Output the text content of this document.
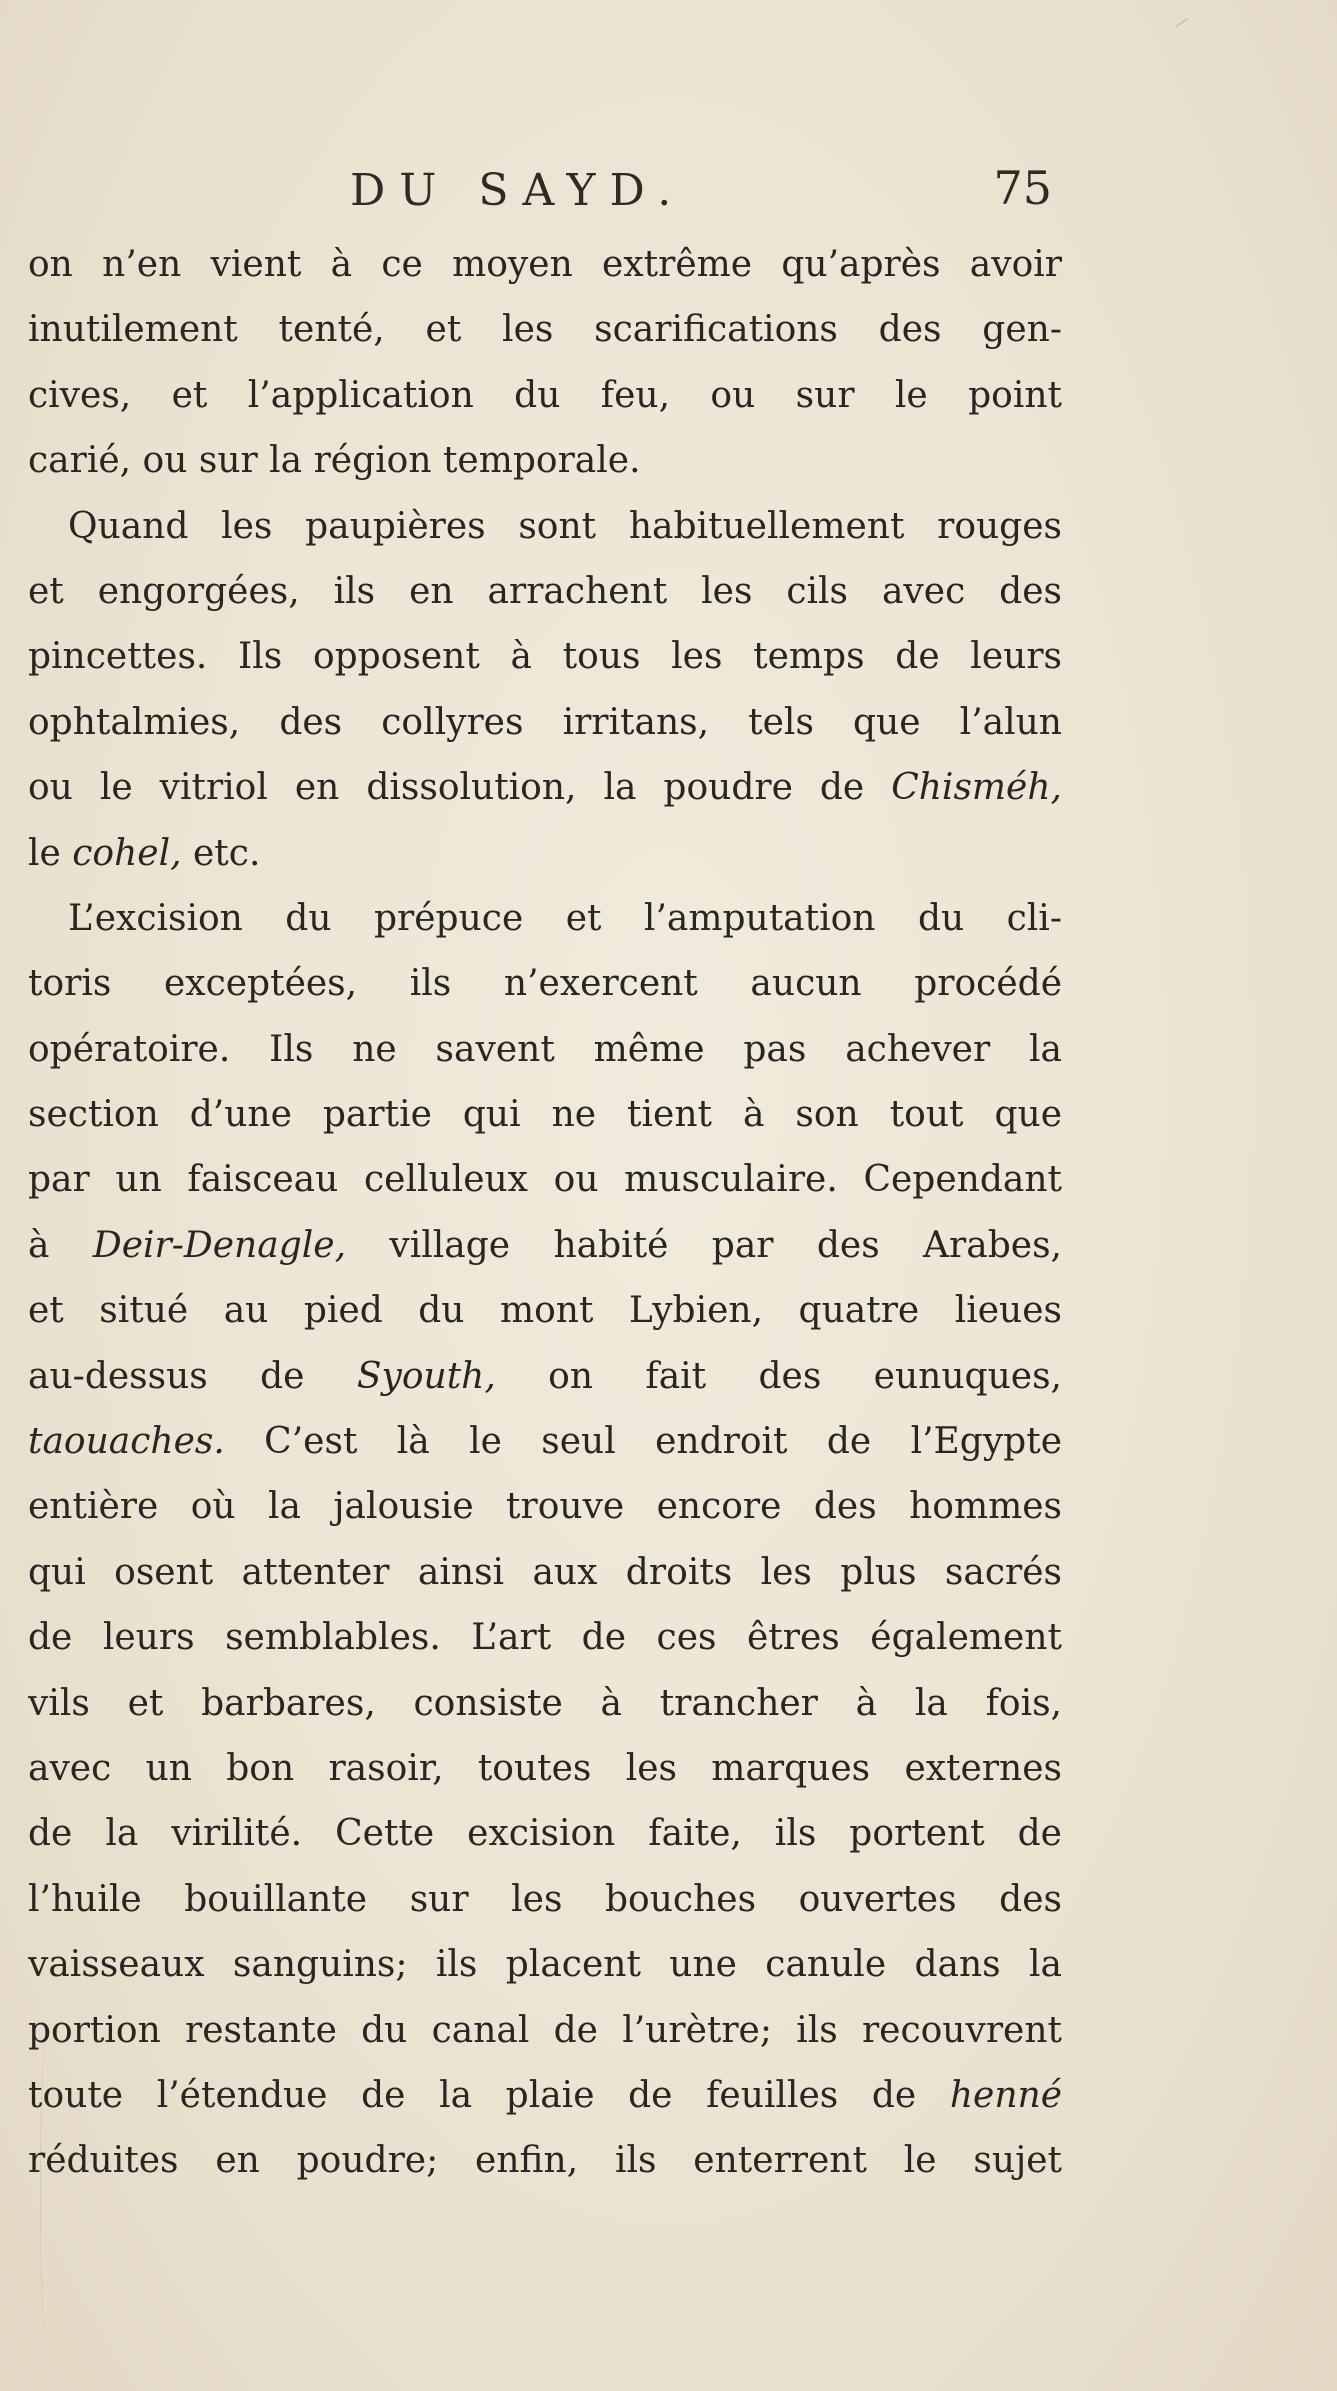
DU SAYD.	75
on n’en vient à ce moyen extrême qu’après avoir
inutilement tenté, et les scarifications des gen-
cives, et l’application du feu, ou sur le point
carié, ou sur la région temporale.
Quand les paupières sont habituellement rouges
et engorgées, ils en arrachent les cils avec des
pincettes. Ils opposent à tous les temps de leurs
ophtalmies, des collyres irritans, tels que l’alun
ou le vitriol en dissolution, la poudre de Chisméh,
le cohel, etc.
L’excision du prépuce et l’amputation du cli-
toris exceptées, ils n’exercent aucun procédé
opératoire. Ils ne savent même pas achever la
section d’une partie qui ne tient à son tout que
par un faisceau celluleux ou musculaire. Cependant
à Deir-Denagle, village habité par des Arabes,
et situé au pied du mont Lybien, quatre lieues
au-dessus de Syouth, on fait des eunuques,
taouaches. C’est là le seul endroit de l’Egypte
entière où la jalousie trouve encore des hommes
qui osent attenter ainsi aux droits les plus sacrés
de leurs semblables. L’art de ces êtres également
vils et barbares, consiste à trancher à la fois,
avec un bon rasoir, toutes les marques externes
de la virilité. Cette excision faite, ils portent de
l’huile bouillante sur les bouches ouvertes des
vaisseaux sanguins; ils placent une canule dans la
portion restante du canal de l’urètre; ils recouvrent
toute l’étendue de la plaie de feuilles de henné
réduites en poudre; enfin, ils enterrent le sujet
